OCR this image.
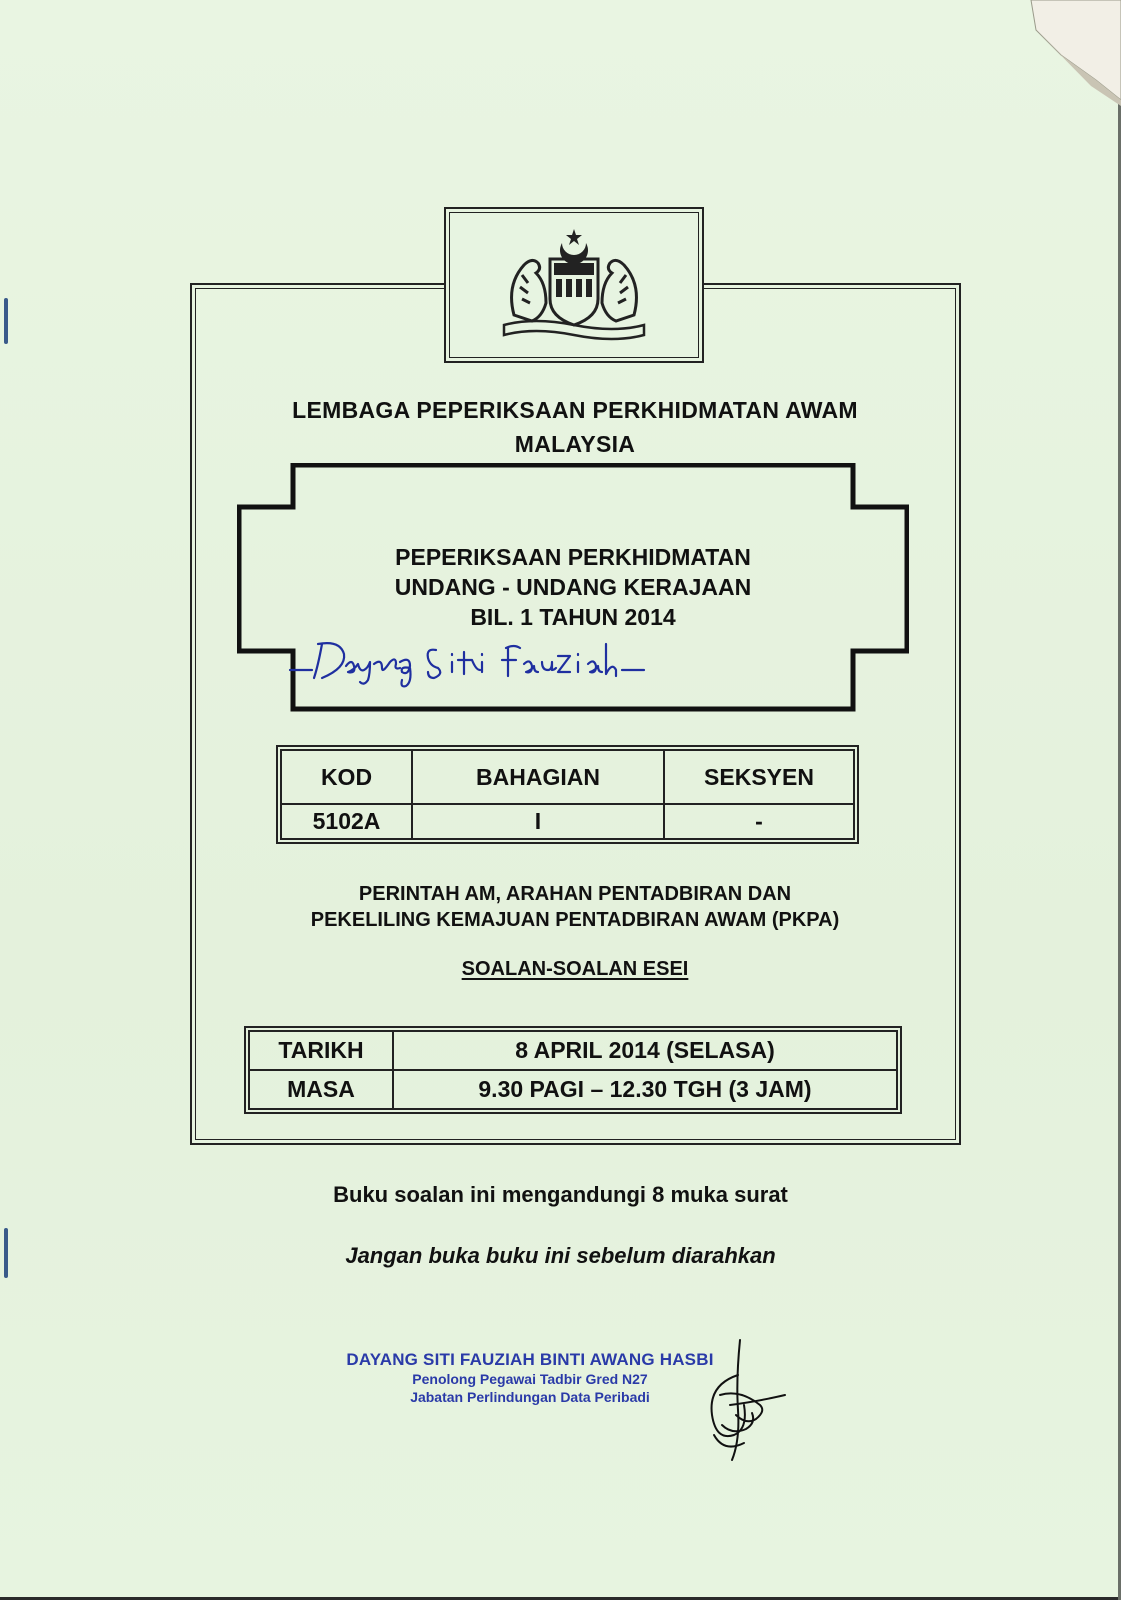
LEMBAGA PEPERIKSAAN PERKHIDMATAN AWAM
MALAYSIA
PEPERIKSAAN PERKHIDMATAN
UNDANG - UNDANG KERAJAAN
BIL. 1 TAHUN 2014
KOD	BAHAGIAN	SEKSYEN
5102A	I	-
PERINTAH AM, ARAHAN PENTADBIRAN DAN
PEKELILING KEMAJUAN PENTADBIRAN AWAM (PKPA)
SOALAN-SOALAN ESEI
TARIKH	8 APRIL 2014 (SELASA)
MASA	9.30 PAGI – 12.30 TGH (3 JAM)
Buku soalan ini mengandungi 8 muka surat
Jangan buka buku ini sebelum diarahkan
DAYANG SITI FAUZIAH BINTI AWANG HASBI
Penolong Pegawai Tadbir Gred N27
Jabatan Perlindungan Data Peribadi
